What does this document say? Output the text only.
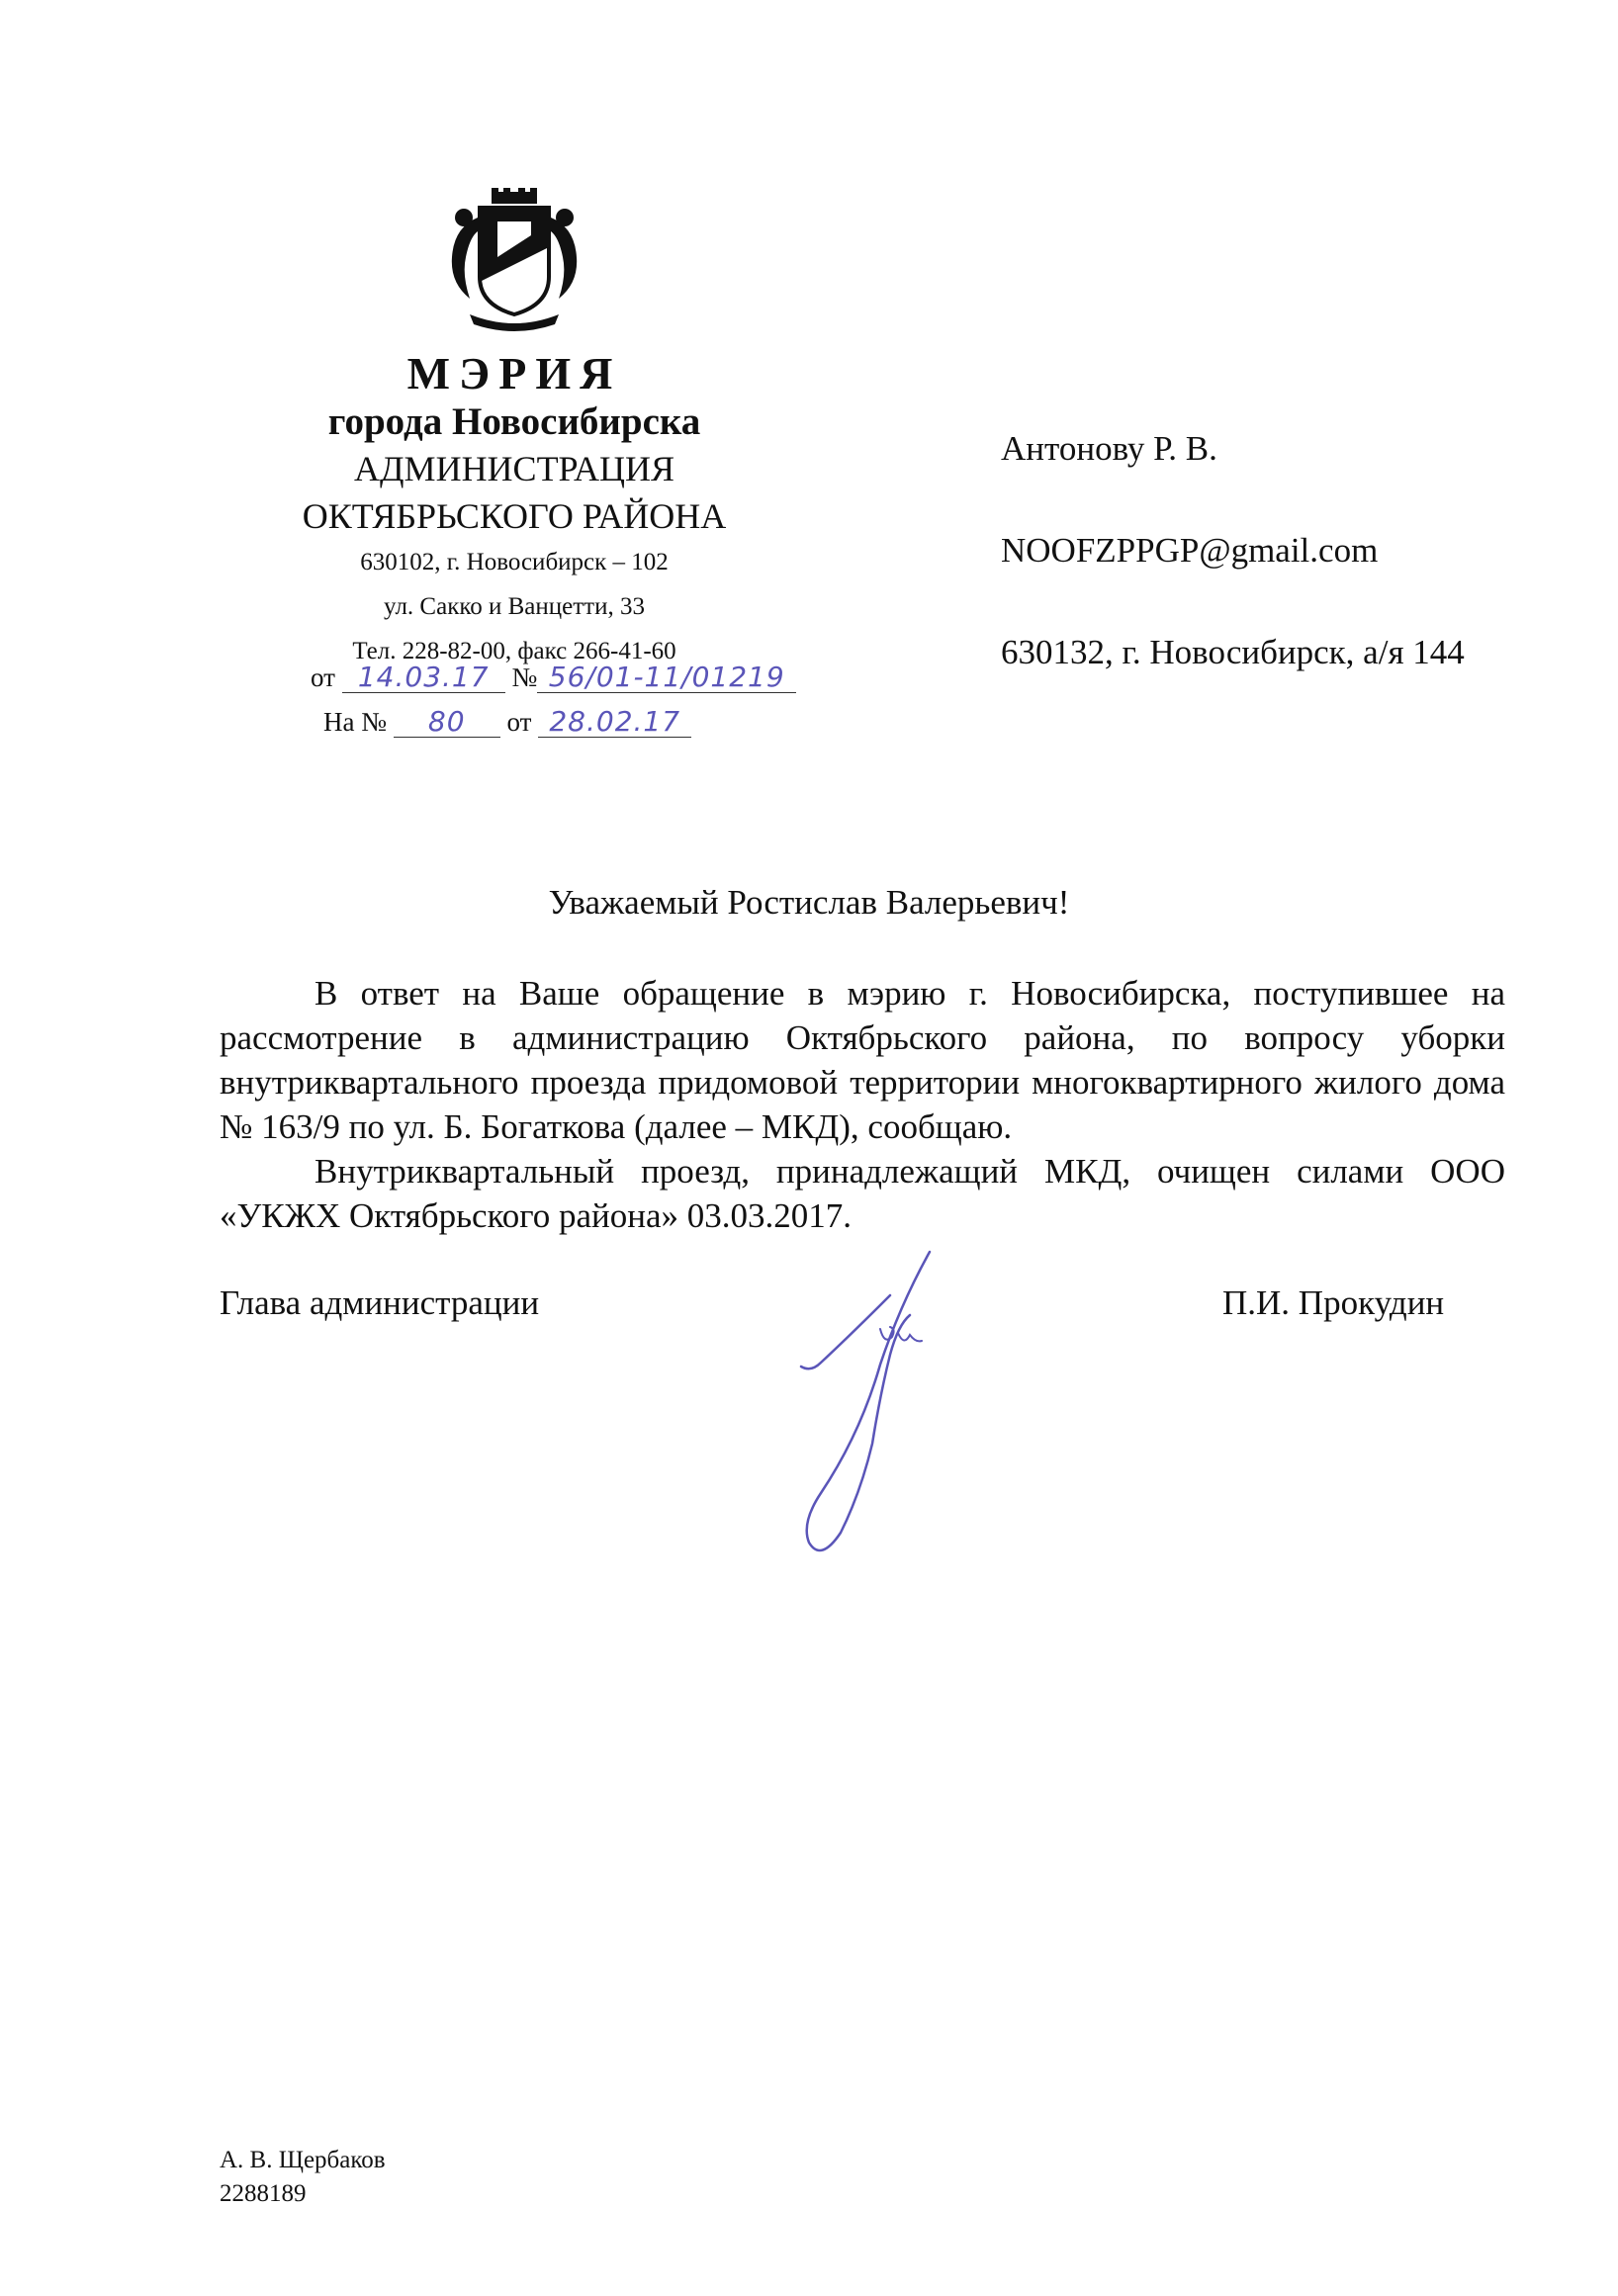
МЭРИЯ
города Новосибирска
АДМИНИСТРАЦИЯ
ОКТЯБРЬСКОГО РАЙОНА
630102, г. Новосибирск – 102
ул. Сакко и Ванцетти, 33
Тел. 228-82-00, факс 266-41-60
от 14.03.17 № 56/01-11/01219
На № 80 от 28.02.17
Антонову Р. В.
NOOFZPPGP@gmail.com
630132, г. Новосибирск, а/я 144
Уважаемый Ростислав Валерьевич!

В ответ на Ваше обращение в мэрию г. Новосибирска, поступившее на рассмотрение в администрацию Октябрьского района, по вопросу уборки внутриквартального проезда придомовой территории многоквартирного жилого дома № 163/9 по ул. Б. Богаткова (далее – МКД), сообщаю.

Внутриквартальный проезд, принадлежащий МКД, очищен силами ООО «УКЖХ Октябрьского района» 03.03.2017.

Глава администрации	П.И. Прокудин
А. В. Щербаков
2288189
